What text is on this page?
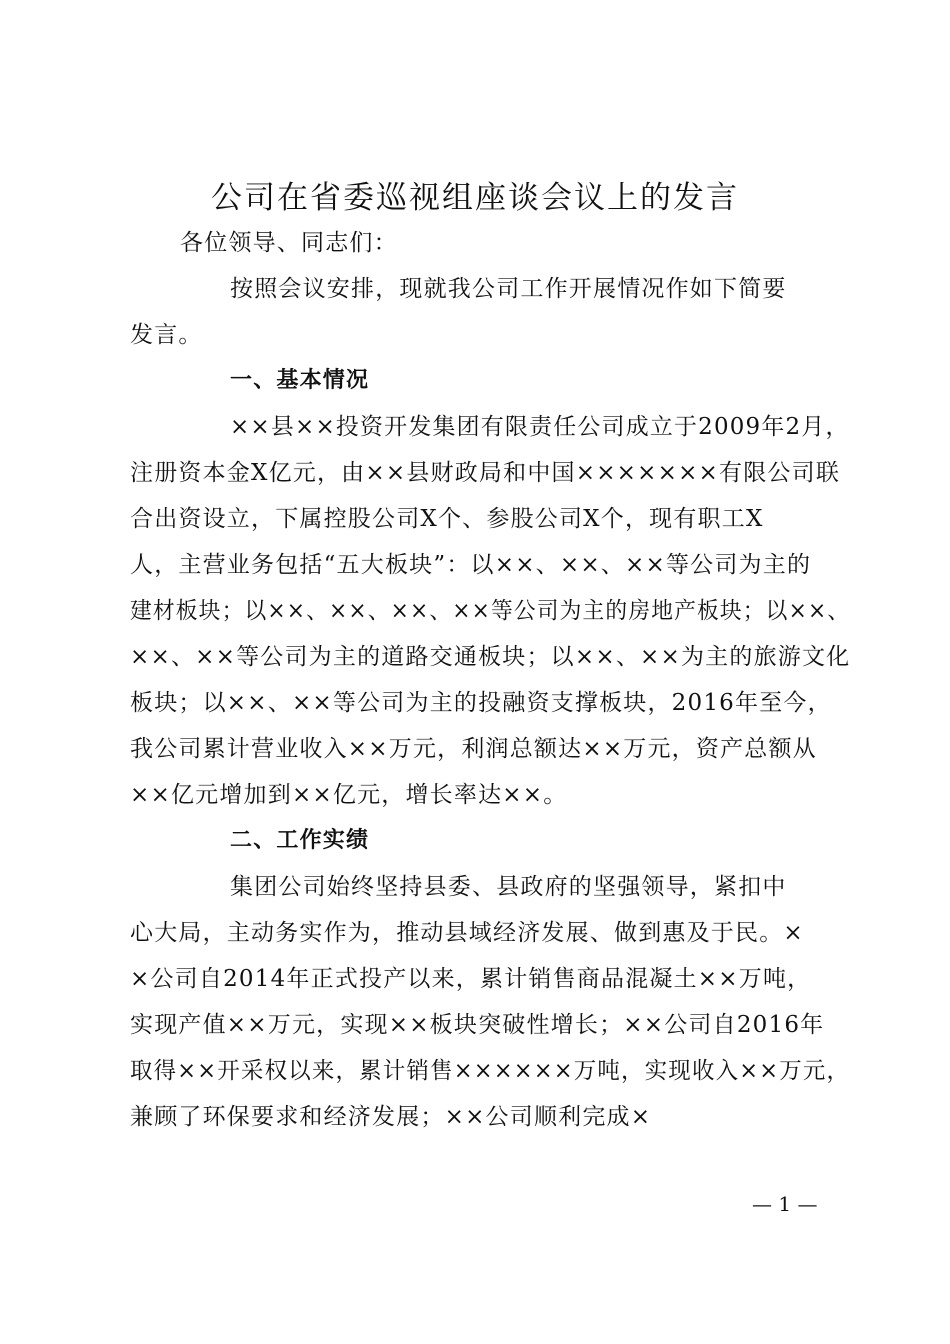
公司在省委巡视组座谈会议上的发言
各位领导、同志们：
按照会议安排，现就我公司工作开展情况作如下简要
发言。
一、基本情况
××县××投资开发集团有限责任公司成立于2009年2月，
注册资本金X亿元，由××县财政局和中国×××××××有限公司联
合出资设立，下属控股公司X个、参股公司X个，现有职工X
人，主营业务包括“五大板块”：以××、××、××等公司为主的
建材板块；以××、××、××、××等公司为主的房地产板块；以××、
××、××等公司为主的道路交通板块；以××、××为主的旅游文化
板块；以××、××等公司为主的投融资支撑板块，2016年至今，
我公司累计营业收入××万元，利润总额达××万元，资产总额从
××亿元增加到××亿元，增长率达××。
二、工作实绩
集团公司始终坚持县委、县政府的坚强领导，紧扣中
心大局，主动务实作为，推动县域经济发展、做到惠及于民。×
×公司自2014年正式投产以来，累计销售商品混凝土××万吨，
实现产值××万元，实现××板块突破性增长；××公司自2016年
取得××开采权以来，累计销售××××××万吨，实现收入××万元，
兼顾了环保要求和经济发展；××公司顺利完成×
— 1 —
